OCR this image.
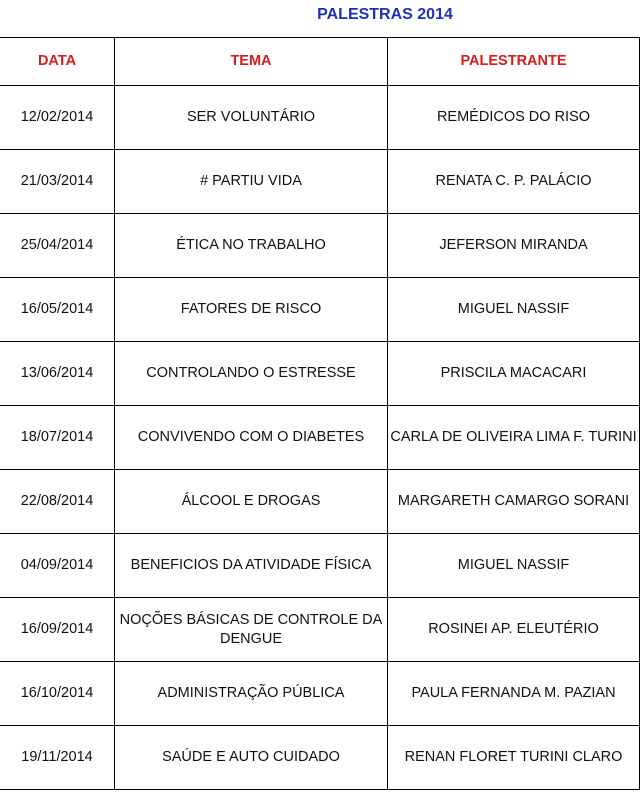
PALESTRAS 2014
DATA	TEMA	PALESTRANTE
12/02/2014	SER VOLUNTÁRIO	REMÉDICOS DO RISO
21/03/2014	# PARTIU VIDA	RENATA C. P. PALÁCIO
25/04/2014	ÉTICA NO TRABALHO	JEFERSON MIRANDA
16/05/2014	FATORES DE RISCO	MIGUEL NASSIF
13/06/2014	CONTROLANDO O ESTRESSE	PRISCILA MACACARI
18/07/2014	CONVIVENDO COM O DIABETES	CARLA DE OLIVEIRA LIMA F. TURINI
22/08/2014	ÁLCOOL E DROGAS	MARGARETH CAMARGO SORANI
04/09/2014	BENEFICIOS DA ATIVIDADE FÍSICA	MIGUEL NASSIF
16/09/2014	NOÇÕES BÁSICAS DE CONTROLE DA DENGUE	ROSINEI AP. ELEUTÉRIO
16/10/2014	ADMINISTRAÇÃO PÚBLICA	PAULA FERNANDA M. PAZIAN
19/11/2014	SAÚDE E AUTO CUIDADO	RENAN FLORET TURINI CLARO
